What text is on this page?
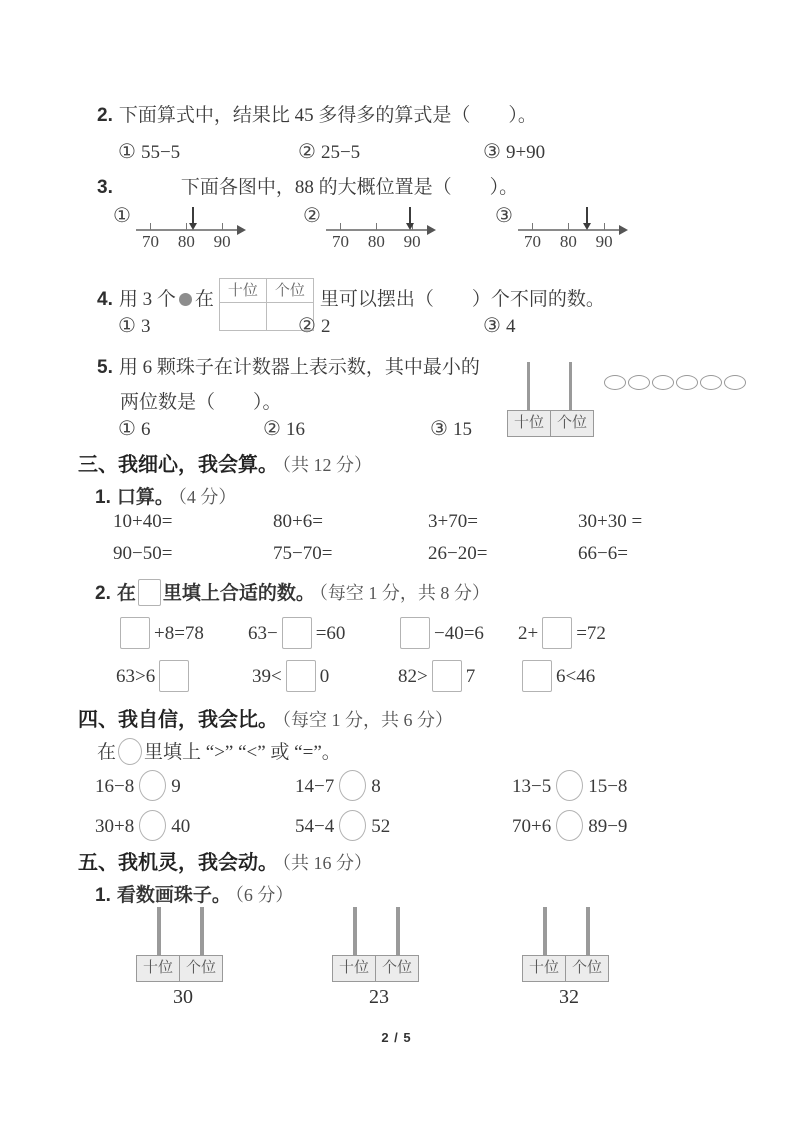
2. 下面算式中，结果比 45 多得多的算式是（　　）。
① 55−5	② 25−5	③ 9+90
3.	下面各图中，88 的大概位置是（　　）。
①
70 80 90
②
70 80 90
③
70 80 90
4. 用 3 个 在 十位 个位 里可以摆出（　　）个不同的数。
① 3	② 2	③ 4
5. 用 6 颗珠子在计数器上表示数，其中最小的
两位数是（　　）。
① 6	② 16	③ 15	十位 个位
三、我细心，我会算。 （共 12 分）
1. 口算。 （4 分）
10+40=	80+6=	3+70=	30+30 =
90−50=	75−70=	26−20=	66−6=
2. 在 里填上合适的数。 （每空 1 分，共 8 分）
+8=78 63− =60	−40=6 2+ =72
63>6	39< 0	82> 7	6<46
四、我自信，我会比。 （每空 1 分，共 6 分）
在 里填上 “>” “<” 或 “=”。
16−8 9	14−7 8	13−5 15−8
30+8 40	54−4 52	70+6 89−9
五、我机灵，我会动。 （共 16 分）
1. 看数画珠子。 （6 分）
十位 个位
30
十位 个位
23
十位 个位
32
2 / 5
